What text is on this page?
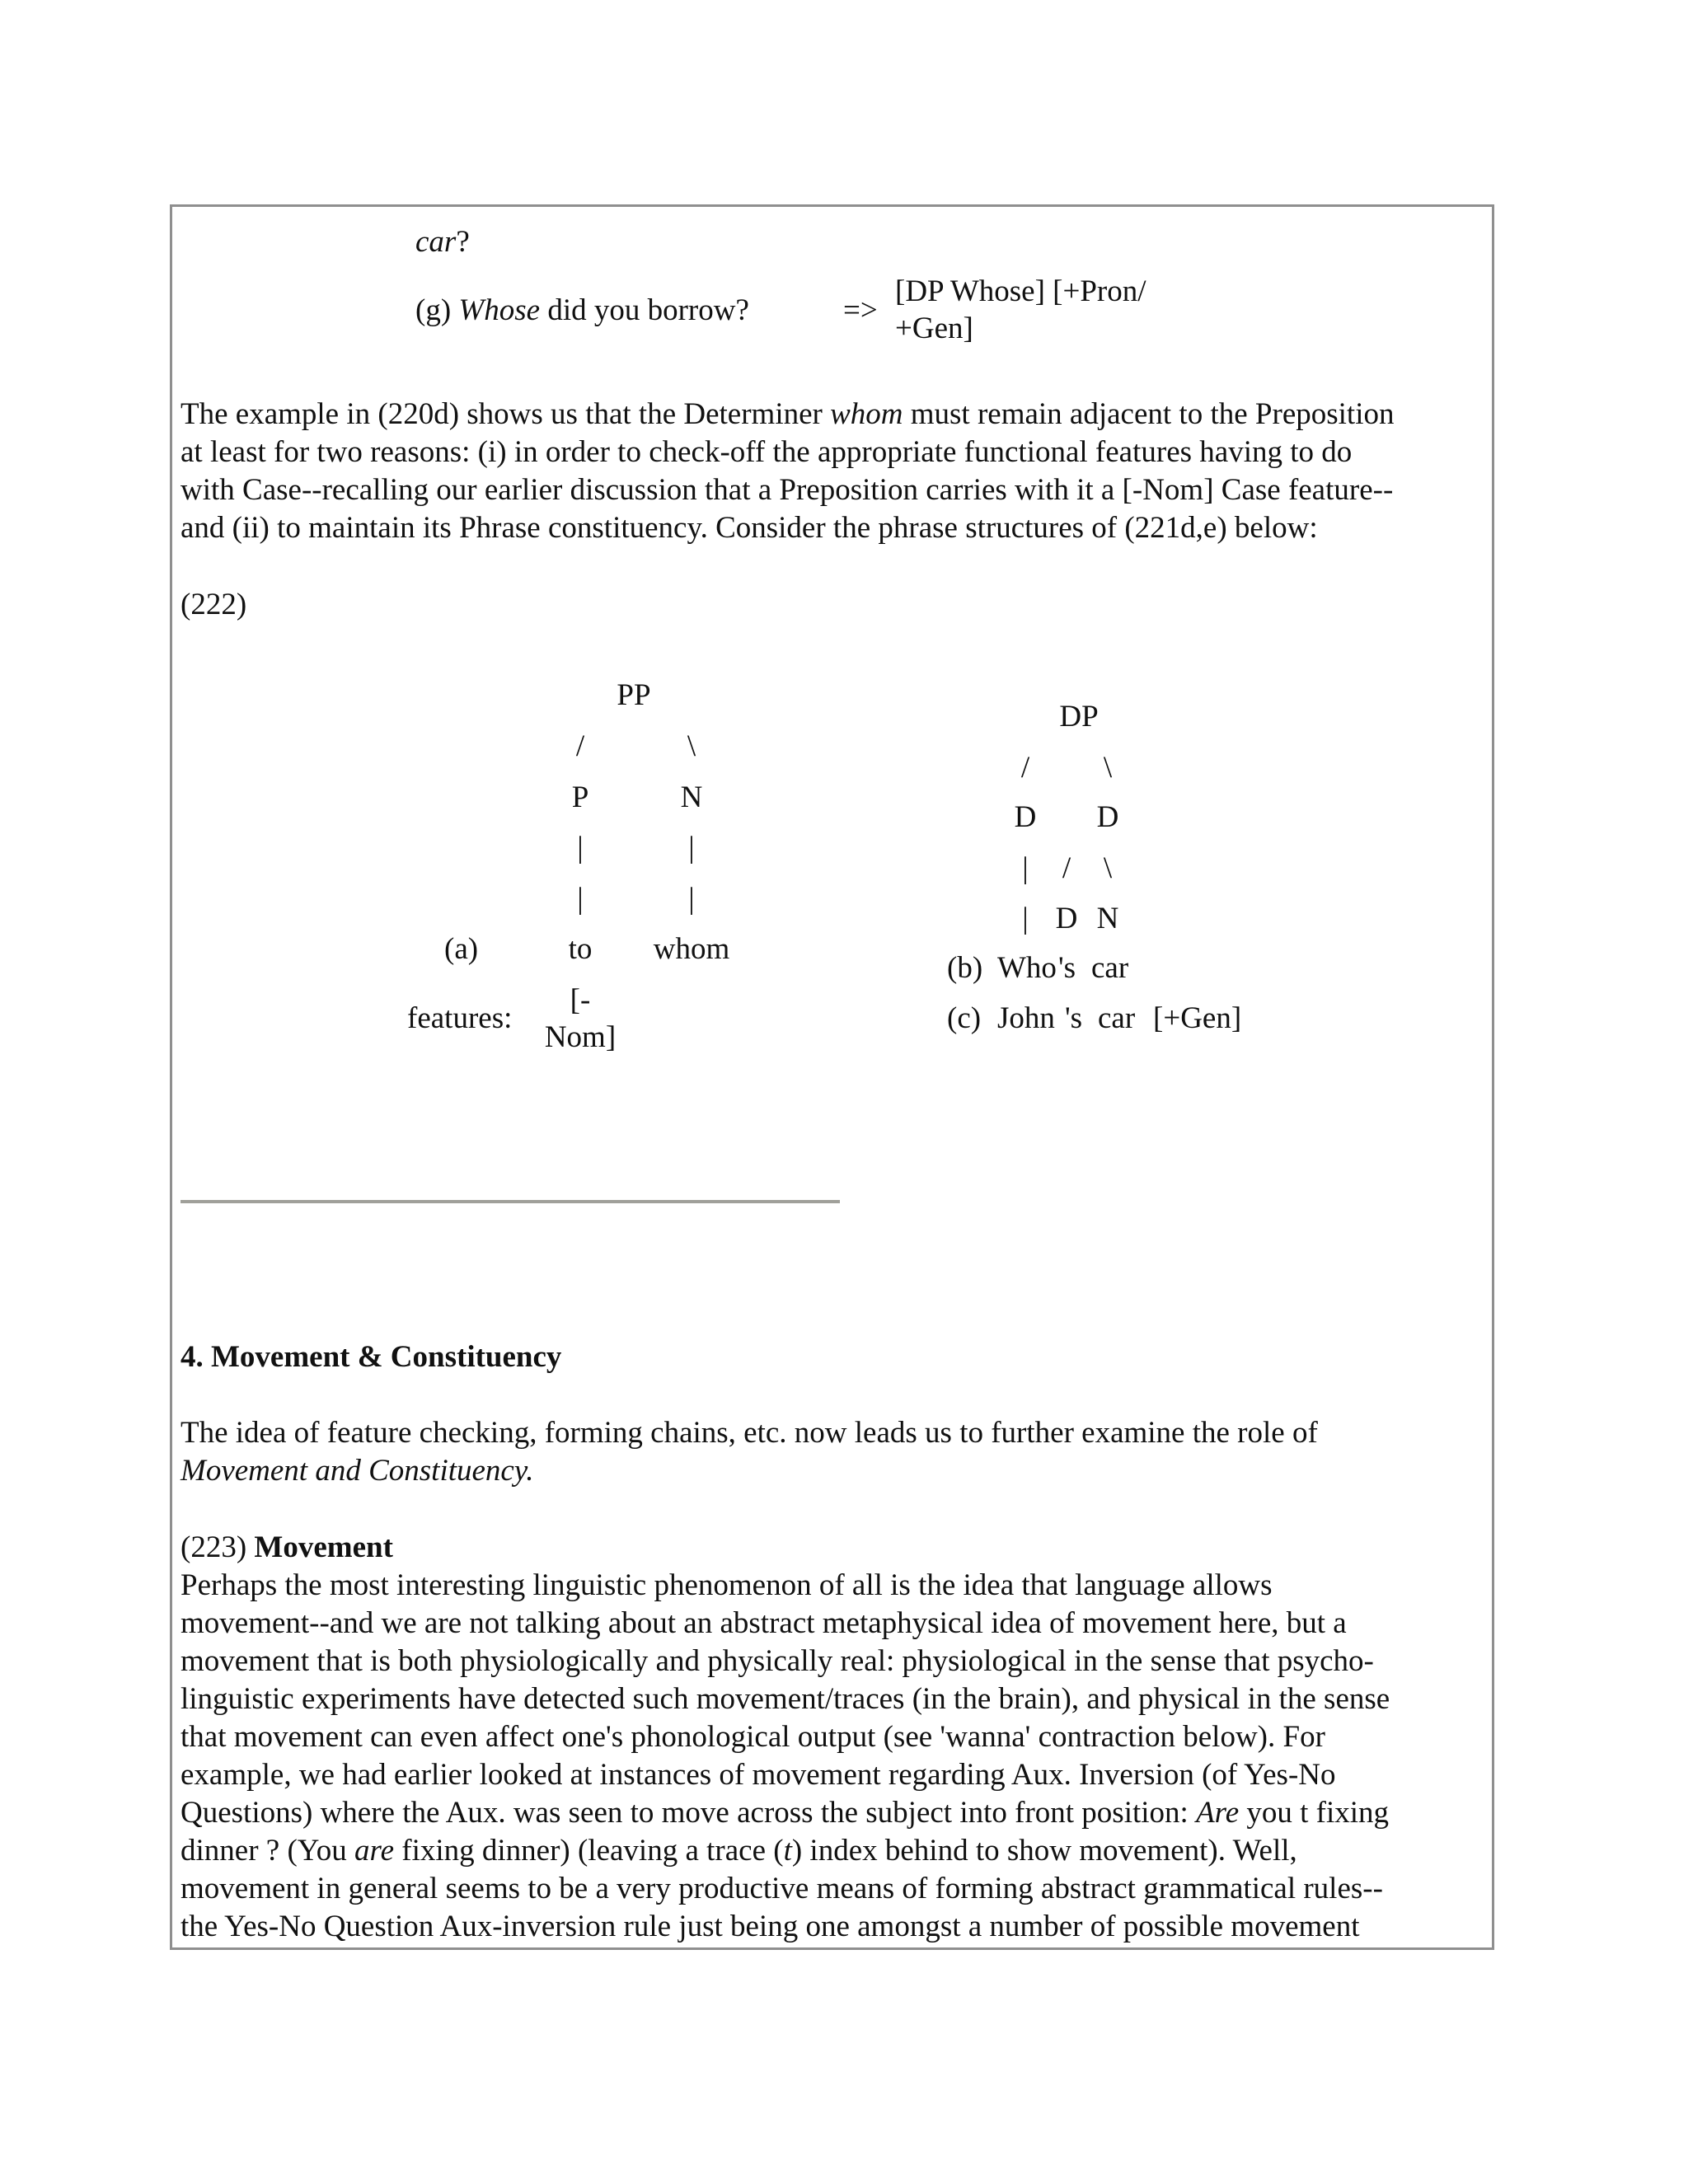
car?
(g) Whose did you borrow?	=>
[DP Whose] [+Pron/
+Gen]
The example in (220d) shows us that the Determiner whom must remain adjacent to the Preposition
at least for two reasons: (i) in order to check-off the appropriate functional features having to do
with Case--recalling our earlier discussion that a Preposition carries with it a [-Nom] Case feature--
and (ii) to maintain its Phrase constituency. Consider the phrase structures of (221d,e) below:
(222)
PP
/	\
P	N
|	|
|	|
(a)	to	whom
features:
[-
Nom]
DP
/	\
D	D
|	/	\
| D N
(b) Who 's car
(c) John 's car [+Gen]
4. Movement & Constituency
The idea of feature checking, forming chains, etc. now leads us to further examine the role of
Movement and Constituency.
(223) Movement
Perhaps the most interesting linguistic phenomenon of all is the idea that language allows
movement--and we are not talking about an abstract metaphysical idea of movement here, but a
movement that is both physiologically and physically real: physiological in the sense that psycho-
linguistic experiments have detected such movement/traces (in the brain), and physical in the sense
that movement can even affect one's phonological output (see 'wanna' contraction below). For
example, we had earlier looked at instances of movement regarding Aux. Inversion (of Yes-No
Questions) where the Aux. was seen to move across the subject into front position: Are you t fixing
dinner ? (You are fixing dinner) (leaving a trace (t) index behind to show movement). Well,
movement in general seems to be a very productive means of forming abstract grammatical rules--
the Yes-No Question Aux-inversion rule just being one amongst a number of possible movement
